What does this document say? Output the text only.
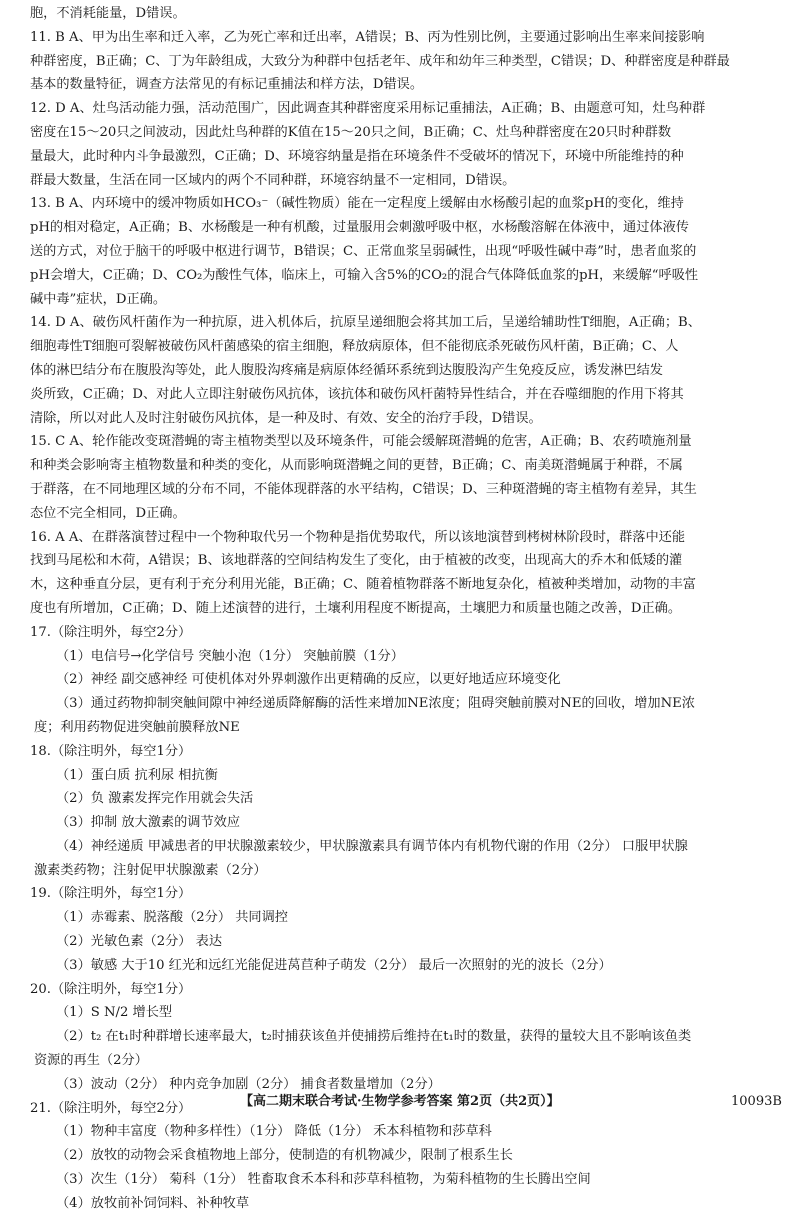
胞，不消耗能量，D错误。
11. B A、甲为出生率和迁入率，乙为死亡率和迁出率，A错误；B、丙为性别比例，主要通过影响出生率来间接影响
种群密度，B正确；C、丁为年龄组成，大致分为种群中包括老年、成年和幼年三种类型，C错误；D、种群密度是种群最
基本的数量特征，调查方法常见的有标记重捕法和样方法，D错误。
12. D A、灶鸟活动能力强，活动范围广，因此调查其种群密度采用标记重捕法，A正确；B、由题意可知，灶鸟种群
密度在15～20只之间波动，因此灶鸟种群的K值在15～20只之间，B正确；C、灶鸟种群密度在20只时种群数
量最大，此时种内斗争最激烈，C正确；D、环境容纳量是指在环境条件不受破坏的情况下，环境中所能维持的种
群最大数量，生活在同一区域内的两个不同种群，环境容纳量不一定相同，D错误。
13. B A、内环境中的缓冲物质如HCO₃⁻（碱性物质）能在一定程度上缓解由水杨酸引起的血浆pH的变化，维持
pH的相对稳定，A正确；B、水杨酸是一种有机酸，过量服用会刺激呼吸中枢，水杨酸溶解在体液中，通过体液传
送的方式，对位于脑干的呼吸中枢进行调节，B错误；C、正常血浆呈弱碱性，出现“呼吸性碱中毒”时，患者血浆的
pH会增大，C正确；D、CO₂为酸性气体，临床上，可输入含5%的CO₂的混合气体降低血浆的pH，来缓解“呼吸性
碱中毒”症状，D正确。
14. D A、破伤风杆菌作为一种抗原，进入机体后，抗原呈递细胞会将其加工后，呈递给辅助性T细胞，A正确；B、
细胞毒性T细胞可裂解被破伤风杆菌感染的宿主细胞，释放病原体，但不能彻底杀死破伤风杆菌，B正确；C、人
体的淋巴结分布在腹股沟等处，此人腹股沟疼痛是病原体经循环系统到达腹股沟产生免疫反应，诱发淋巴结发
炎所致，C正确；D、对此人立即注射破伤风抗体，该抗体和破伤风杆菌特异性结合，并在吞噬细胞的作用下将其
清除，所以对此人及时注射破伤风抗体，是一种及时、有效、安全的治疗手段，D错误。
15. C A、轮作能改变斑潜蝇的寄主植物类型以及环境条件，可能会缓解斑潜蝇的危害，A正确；B、农药喷施剂量
和种类会影响寄主植物数量和种类的变化，从而影响斑潜蝇之间的更替，B正确；C、南美斑潜蝇属于种群，不属
于群落，在不同地理区域的分布不同，不能体现群落的水平结构，C错误；D、三种斑潜蝇的寄主植物有差异，其生
态位不完全相同，D正确。
16. A A、在群落演替过程中一个物种取代另一个物种是指优势取代，所以该地演替到栲树林阶段时，群落中还能
找到马尾松和木荷，A错误；B、该地群落的空间结构发生了变化，由于植被的改变，出现高大的乔木和低矮的灌
木，这种垂直分层，更有利于充分利用光能，B正确；C、随着植物群落不断地复杂化，植被种类增加，动物的丰富
度也有所增加，C正确；D、随上述演替的进行，土壤利用程度不断提高，土壤肥力和质量也随之改善，D正确。
17.（除注明外，每空2分）
（1）电信号→化学信号 突触小泡（1分） 突触前膜（1分）
（2）神经 副交感神经 可使机体对外界刺激作出更精确的反应，以更好地适应环境变化
（3）通过药物抑制突触间隙中神经递质降解酶的活性来增加NE浓度；阻碍突触前膜对NE的回收，增加NE浓
度；利用药物促进突触前膜释放NE
18.（除注明外，每空1分）
（1）蛋白质 抗利尿 相抗衡
（2）负 激素发挥完作用就会失活
（3）抑制 放大激素的调节效应
（4）神经递质 甲减患者的甲状腺激素较少，甲状腺激素具有调节体内有机物代谢的作用（2分） 口服甲状腺
激素类药物；注射促甲状腺激素（2分）
19.（除注明外，每空1分）
（1）赤霉素、脱落酸（2分） 共同调控
（2）光敏色素（2分） 表达
（3）敏感 大于10 红光和远红光能促进莴苣种子萌发（2分） 最后一次照射的光的波长（2分）
20.（除注明外，每空1分）
（1）S N/2 增长型
（2）t₂ 在t₁时种群增长速率最大，t₂时捕获该鱼并使捕捞后维持在t₁时的数量，获得的量较大且不影响该鱼类
资源的再生（2分）
（3）波动（2分） 种内竞争加剧（2分） 捕食者数量增加（2分）
21.（除注明外，每空2分）
（1）物种丰富度（物种多样性）（1分） 降低（1分） 禾本科植物和莎草科
（2）放牧的动物会采食植物地上部分，使制造的有机物减少，限制了根系生长
（3）次生（1分） 菊科（1分） 牲畜取食禾本科和莎草科植物，为菊科植物的生长腾出空间
（4）放牧前补饲饲料、补种牧草
【高二期末联合考试·生物学参考答案 第2页（共2页）】	10093B
